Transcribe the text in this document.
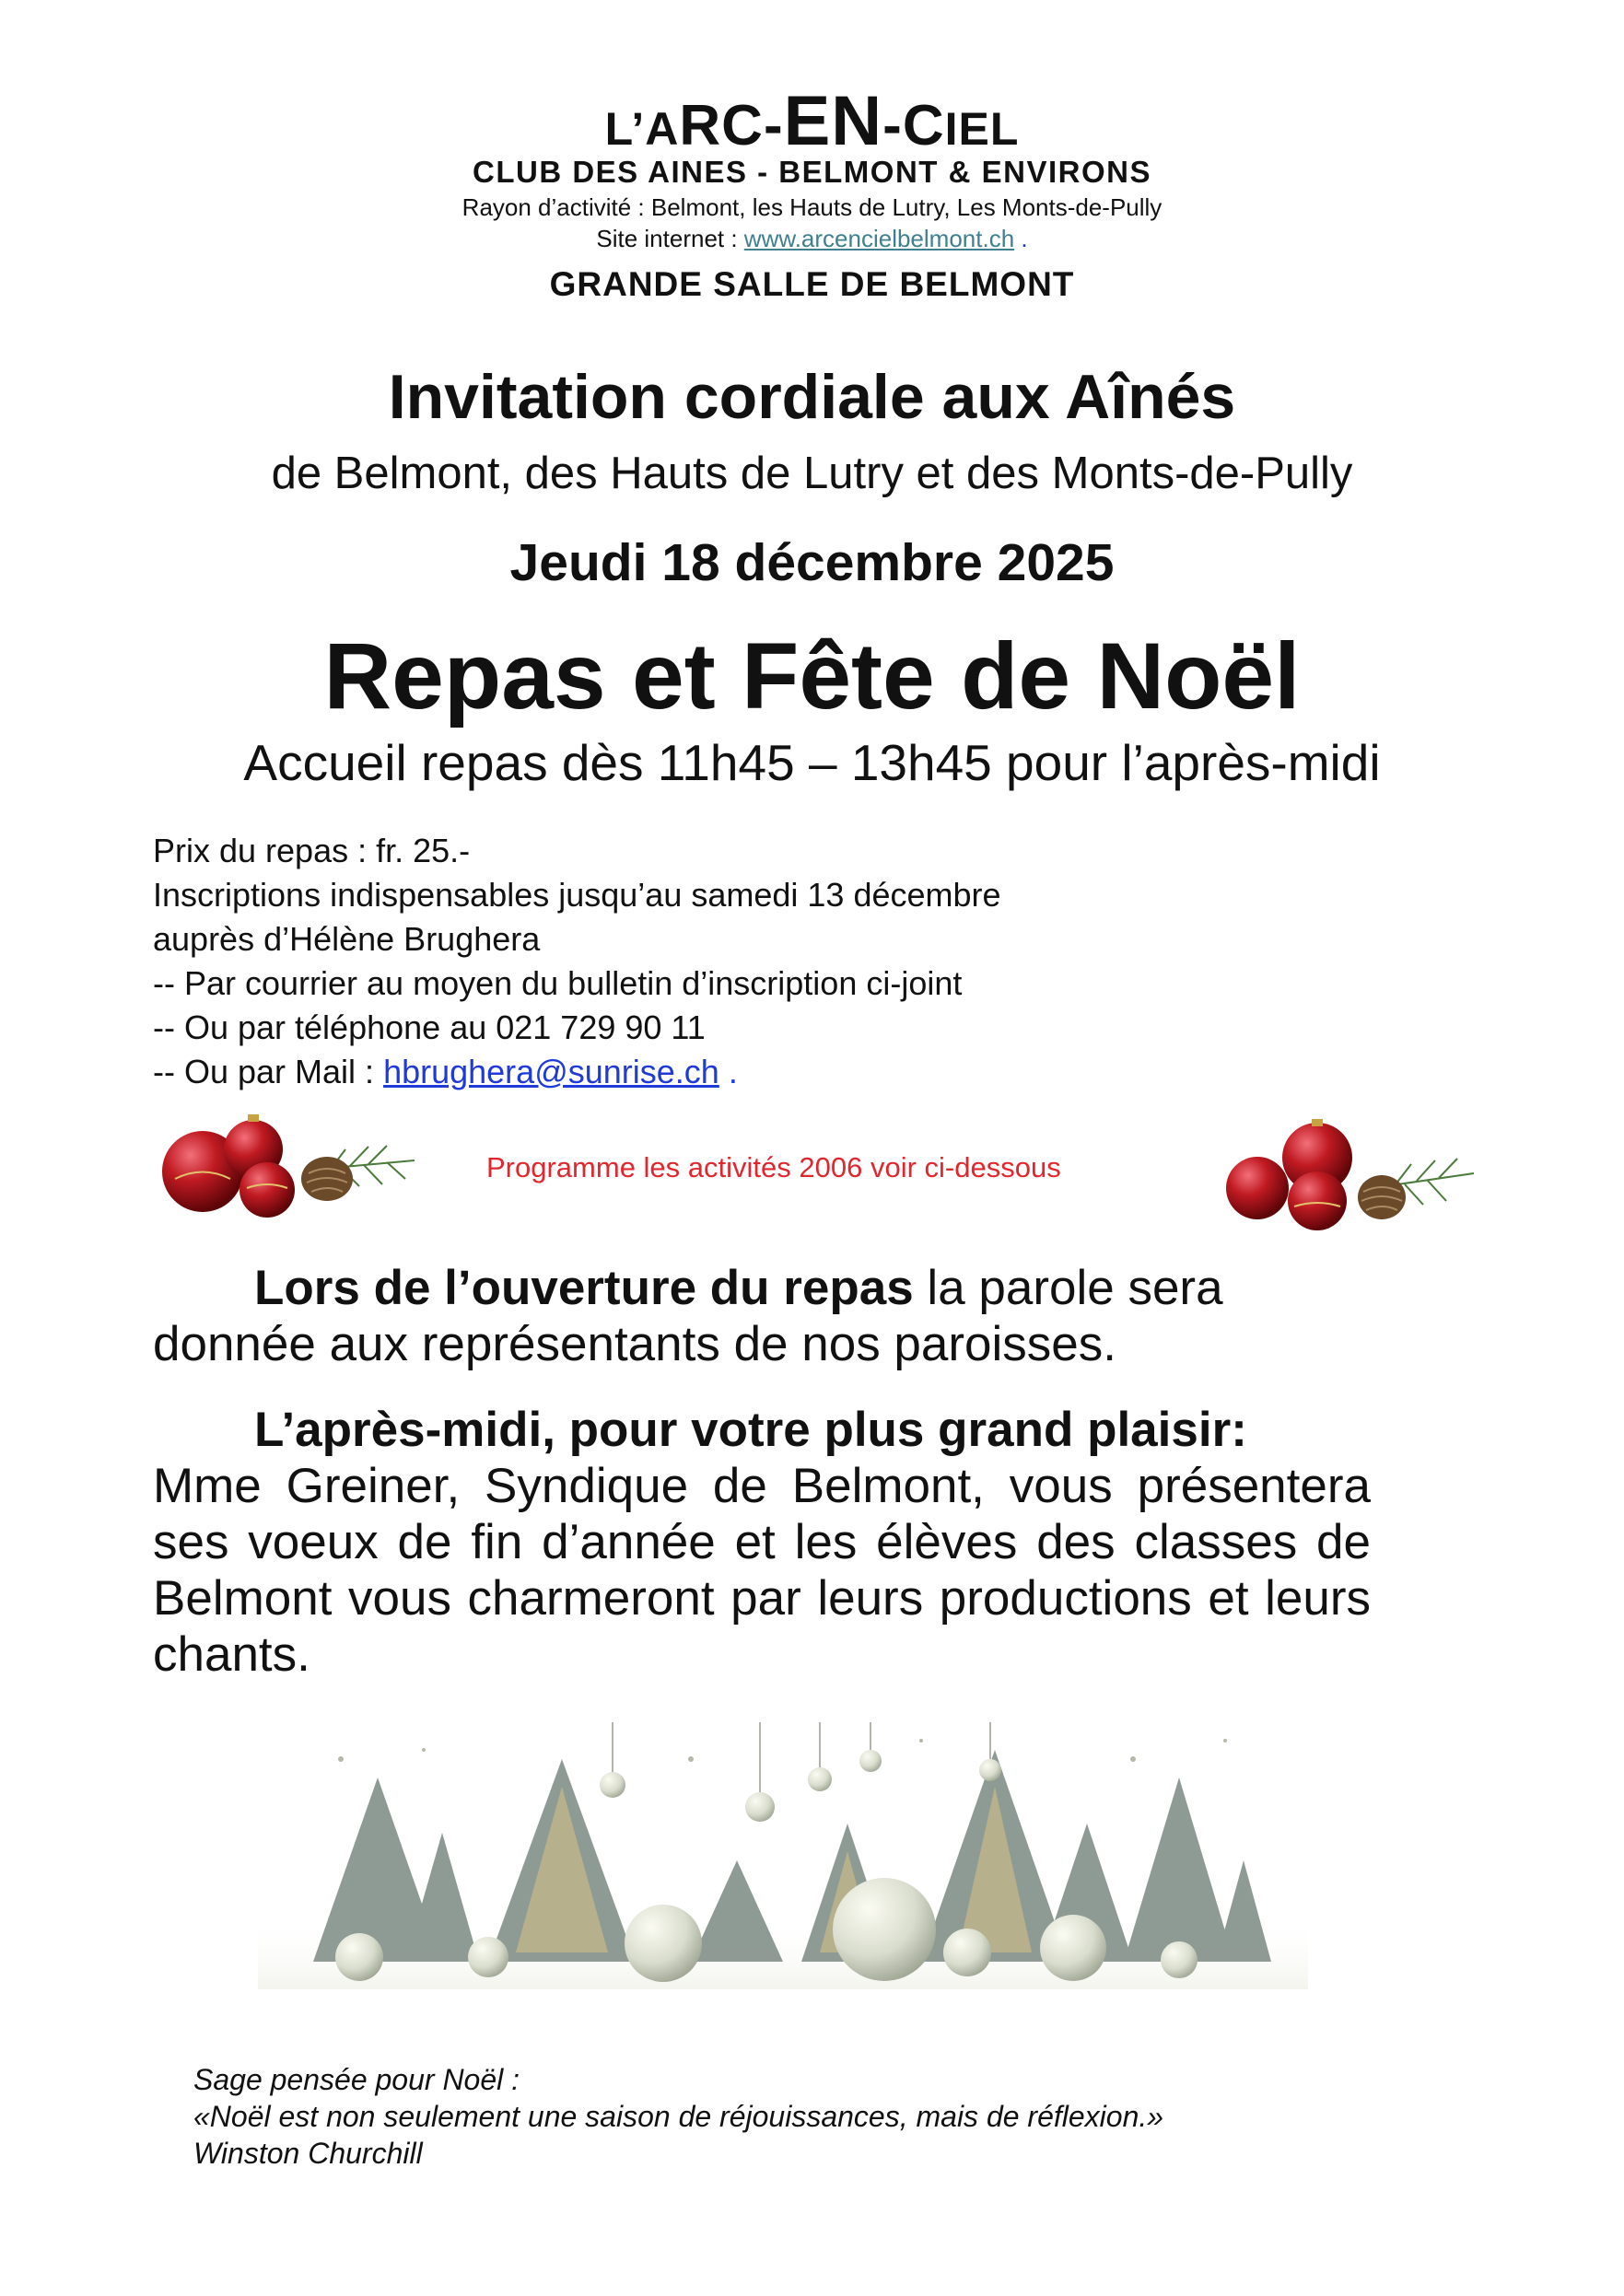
L’ARC-EN-CIEL
CLUB DES AINES - BELMONT & ENVIRONS
Rayon d’activité : Belmont, les Hauts de Lutry, Les Monts-de-Pully
Site internet : www.arcencielbelmont.ch .
GRANDE SALLE DE BELMONT
Invitation cordiale aux Aînés
de Belmont, des Hauts de Lutry et des Monts-de-Pully
Jeudi 18 décembre 2025
Repas et Fête de Noël
Accueil repas dès 11h45 – 13h45 pour l’après-midi
Prix du repas : fr. 25.-
Inscriptions indispensables jusqu’au samedi 13 décembre
auprès d’Hélène Brughera
-- Par courrier au moyen du bulletin d’inscription ci-joint
-- Ou par téléphone au 021 729 90 11
-- Ou par Mail : hbrughera@sunrise.ch .
Programme les activités 2006 voir ci-dessous
Lors de l’ouverture du repas la parole sera donnée aux représentants de nos paroisses.
L’après-midi, pour votre plus grand plaisir:
Mme Greiner, Syndique de Belmont, vous présentera ses voeux de fin d’année et les élèves des classes de Belmont vous charmeront par leurs productions et leurs chants.
Sage pensée pour Noël :
«Noël est non seulement une saison de réjouissances, mais de réflexion.»
Winston Churchill
